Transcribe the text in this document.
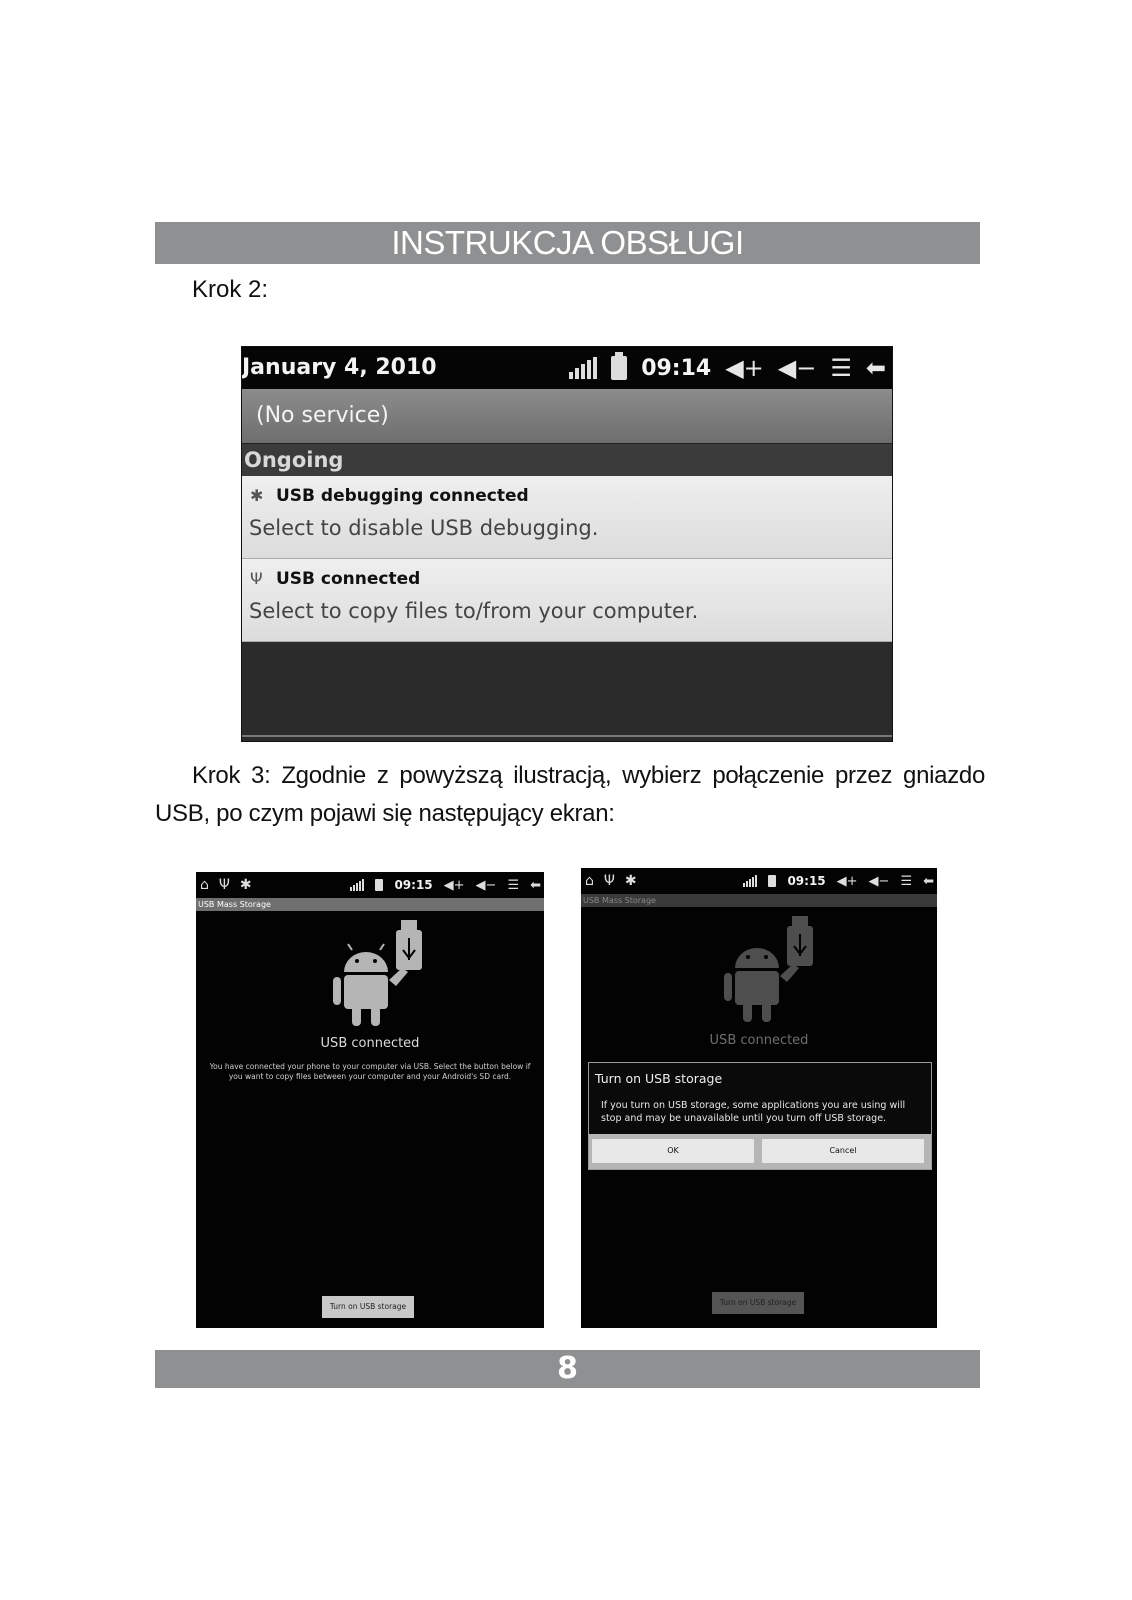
INSTRUKCJA OBSŁUGI

Krok 2:

January 4, 2010	09:14 ◀+ ◀− ☰ ⬅
(No service)
Ongoing
✱ USB debugging connected
Select to disable USB debugging.
Ψ USB connected
Select to copy files to/from your computer.

Krok 3: Zgodnie z powyższą ilustracją, wybierz połączenie przez gniazdo USB, po czym pojawi się następujący ekran:

⌂ Ψ ✱	09:15 ◀+ ◀− ☰ ⬅
USB Mass Storage
USB connected
You have connected your phone to your computer via USB. Select the button below if you want to copy files between your computer and your Android's SD card.
Turn on USB storage
⌂ Ψ ✱	09:15 ◀+ ◀− ☰ ⬅
USB Mass Storage
USB connected
Turn on USB storage
If you turn on USB storage, some applications you are using will stop and may be unavailable until you turn off USB storage.
OK	Cancel
Turn on USB storage
8
